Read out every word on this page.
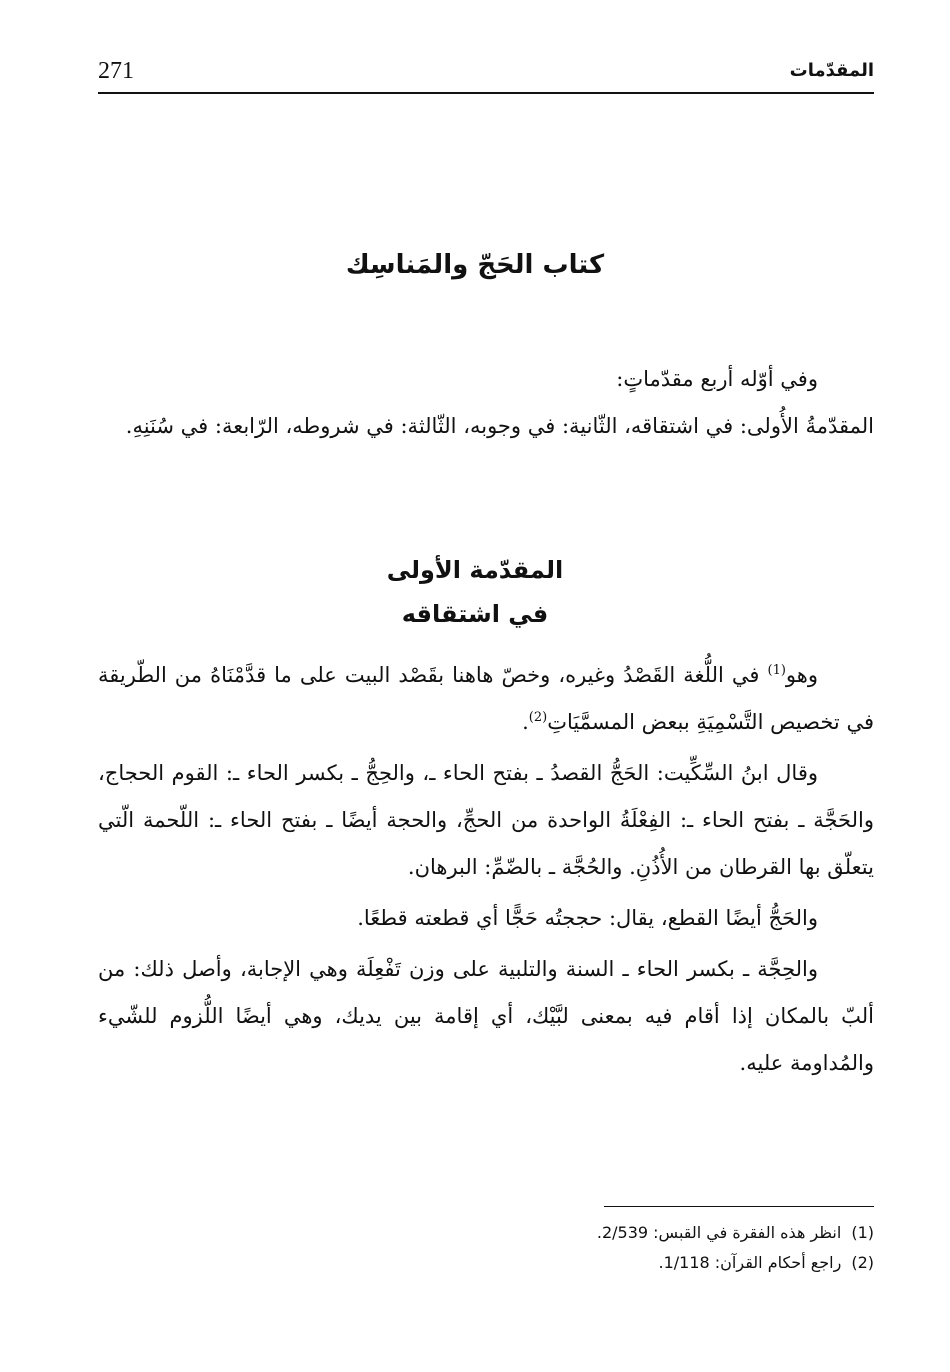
271	المقدّمات
كتاب الحَجّ والمَناسِك

وفي أوّله أربع مقدّماتٍ:

المقدّمةُ الأُولى: في اشتقاقه، الثّانية: في وجوبه، الثّالثة: في شروطه، الرّابعة: في سُنَنِهِ.

المقدّمة الأولى
في اشتقاقه

وهو$^{(1)}$ في اللُّغة القَصْدُ وغيره، وخصّ هاهنا بقَصْد البيت على ما قدَّمْنَاهُ من الطّريقة في تخصيص التَّسْمِيَةِ ببعض المسمَّيَاتِ$^{(2)}$.

وقال ابنُ السِّكِّيت: الحَجُّ القصدُ ـ بفتح الحاء ـ، والحِجُّ ـ بكسر الحاء ـ: القوم الحجاج، والحَجَّة ـ بفتح الحاء ـ: الفِعْلَةُ الواحدة من الحجِّ، والحجة أيضًا ـ بفتح الحاء ـ: اللّحمة الّتي يتعلّق بها القرطان من الأُذُنِ. والحُجَّة ـ بالضّمِّ: البرهان.

والحَجُّ أيضًا القطع، يقال: حججتُه حَجًّا أي قطعته قطعًا.

والحِجَّة ـ بكسر الحاء ـ السنة والتلبية على وزن تَفْعِلَة وهي الإجابة، وأصل ذلك: من ألبّ بالمكان إذا أقام فيه بمعنى لبَّيْك، أي إقامة بين يديك، وهي أيضًا اللُّزوم للشّيء والمُداومة عليه.

(1)انظر هذه الفقرة في القبس: 2/539.
(2)راجع أحكام القرآن: 1/118.
